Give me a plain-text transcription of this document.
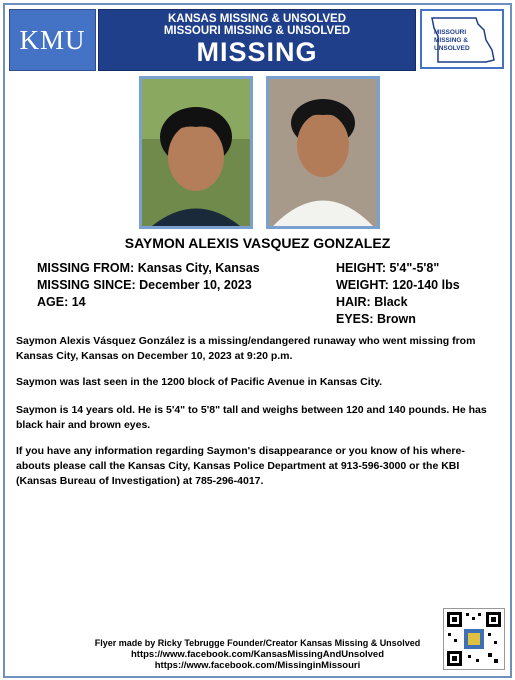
KMU
KANSAS MISSING & UNSOLVED
MISSOURI MISSING & UNSOLVED
MISSING
MISSOURI
MISSING &
UNSOLVED
SAYMON ALEXIS VASQUEZ GONZALEZ
MISSING FROM: Kansas City, Kansas
MISSING SINCE: December 10, 2023
AGE: 14
HEIGHT: 5'4"-5'8"
WEIGHT: 120-140 lbs
HAIR: Black
EYES: Brown
Saymon Alexis Vásquez González is a missing/endangered runaway who went missing from Kansas City, Kansas on December 10, 2023 at 9:20 p.m.
Saymon was last seen in the 1200 block of Pacific Avenue in Kansas City.
Saymon is 14 years old. He is 5'4" to 5'8" tall and weighs between 120 and 140 pounds. He has black hair and brown eyes.
If you have any information regarding Saymon's disappearance or you know of his where-abouts please call the Kansas City, Kansas Police Department at 913-596-3000 or the KBI (Kansas Bureau of Investigation) at 785-296-4017.
Flyer made by Ricky Tebrugge Founder/Creator Kansas Missing & Unsolved
https://www.facebook.com/KansasMissingAndUnsolved
https://www.facebook.com/MissinginMissouri
